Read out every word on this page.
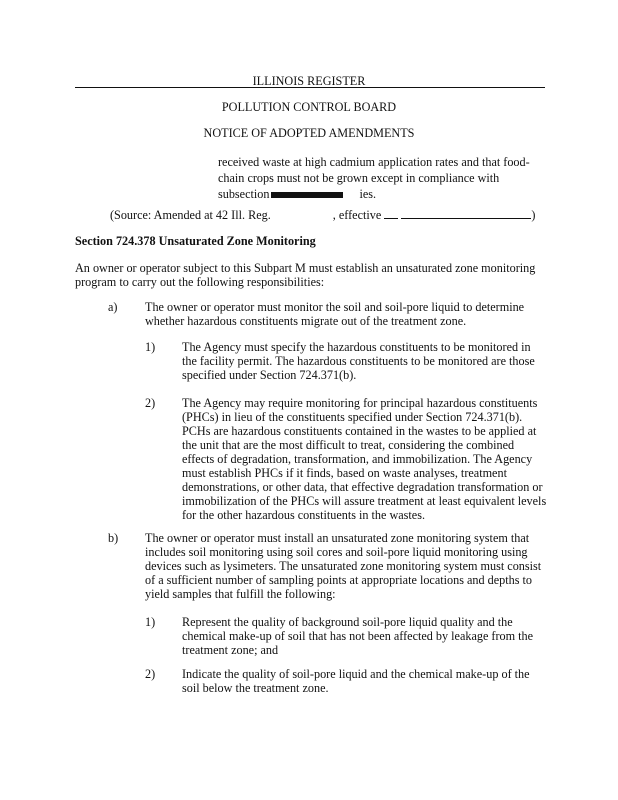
ILLINOIS REGISTER
POLLUTION CONTROL BOARD
NOTICE OF ADOPTED AMENDMENTS
received waste at high cadmium application rates and that food-
chain crops must not be grown except in compliance with
subsection	ies.
(Source: Amended at 42 Ill. Reg.	, effective	)
Section 724.378 Unsaturated Zone Monitoring
An owner or operator subject to this Subpart M must establish an unsaturated zone monitoring
program to carry out the following responsibilities:
a) The owner or operator must monitor the soil and soil-pore liquid to determine
whether hazardous constituents migrate out of the treatment zone.
1) The Agency must specify the hazardous constituents to be monitored in
the facility permit. The hazardous constituents to be monitored are those
specified under Section 724.371(b).
2) The Agency may require monitoring for principal hazardous constituents
(PHCs) in lieu of the constituents specified under Section 724.371(b).
PCHs are hazardous constituents contained in the wastes to be applied at
the unit that are the most difficult to treat, considering the combined
effects of degradation, transformation, and immobilization. The Agency
must establish PHCs if it finds, based on waste analyses, treatment
demonstrations, or other data, that effective degradation transformation or
immobilization of the PHCs will assure treatment at least equivalent levels
for the other hazardous constituents in the wastes.
b) The owner or operator must install an unsaturated zone monitoring system that
includes soil monitoring using soil cores and soil-pore liquid monitoring using
devices such as lysimeters. The unsaturated zone monitoring system must consist
of a sufficient number of sampling points at appropriate locations and depths to
yield samples that fulfill the following:
1) Represent the quality of background soil-pore liquid quality and the
chemical make-up of soil that has not been affected by leakage from the
treatment zone; and
2) Indicate the quality of soil-pore liquid and the chemical make-up of the
soil below the treatment zone.
